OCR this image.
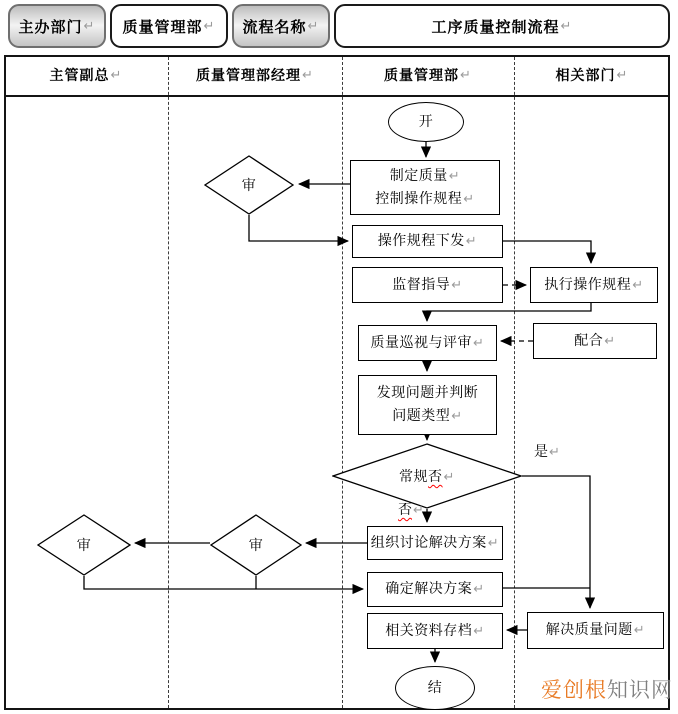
主办部门 ↵ 质量管理部 ↵ 流程名称 ↵	工序质量控制流程 ↵
主管副总 ↵	质量管理部经理 ↵	质量管理部 ↵	相关部门 ↵
开
审
制定质量↵
控制操作规程↵
操作规程下发↵
监督指导↵	执行操作规程↵
质量巡视与评审↵	配合↵
发现问题并判断
问题类型↵
常规否↵
是↵
否↵
组织讨论解决方案↵
审
审
确定解决方案↵
相关资料存档↵	解决质量问题↵
结	爱创根知识网
